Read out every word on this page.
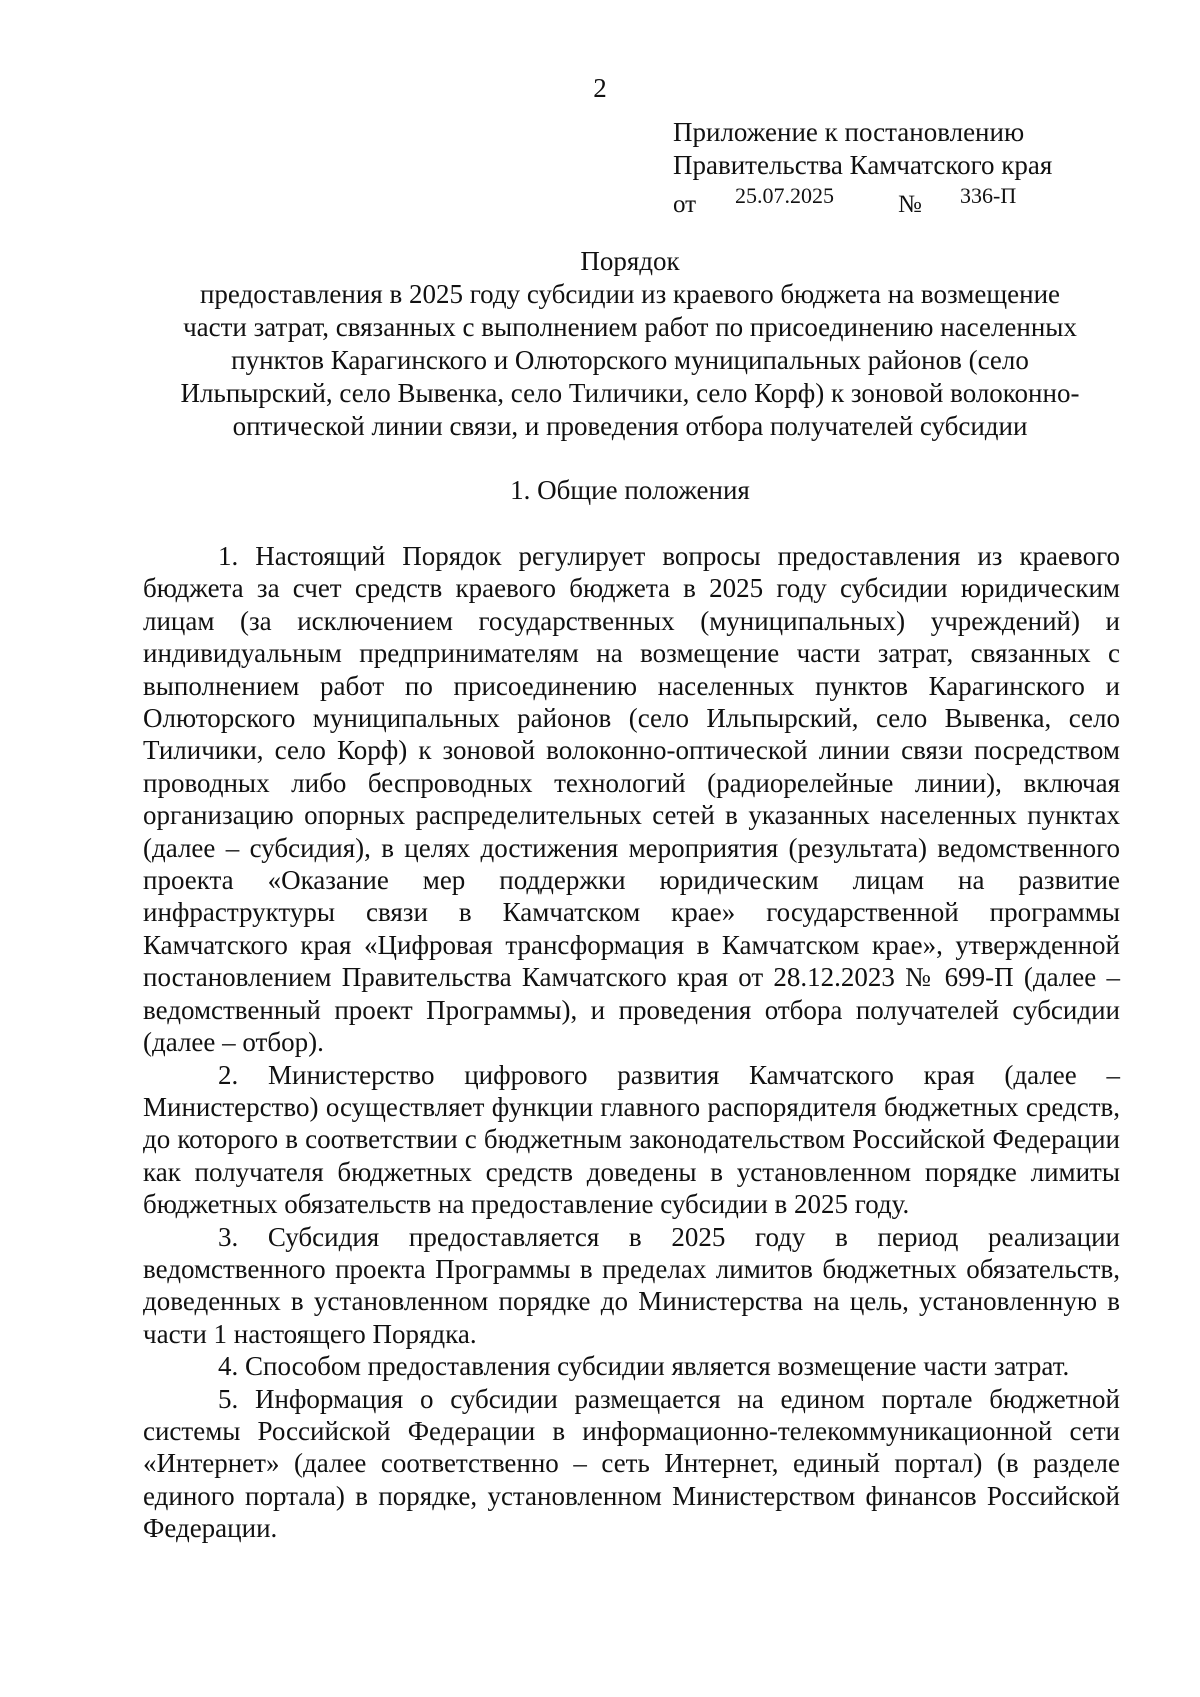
2
Приложение к постановлению
Правительства Камчатского края
от 25.07.2025	№ 336-П
Порядок
предоставления в 2025 году субсидии из краевого бюджета на возмещение
части затрат, связанных с выполнением работ по присоединению населенных
пунктов Карагинского и Олюторского муниципальных районов (село
Ильпырский, село Вывенка, село Тиличики, село Корф) к зоновой волоконно-
оптической линии связи, и проведения отбора получателей субсидии
1. Общие положения

1. Настоящий Порядок регулирует вопросы предоставления из краевого бюджета за счет средств краевого бюджета в 2025 году субсидии юридическим лицам (за исключением государственных (муниципальных) учреждений) и индивидуальным предпринимателям на возмещение части затрат, связанных с выполнением работ по присоединению населенных пунктов Карагинского и Олюторского муниципальных районов (село Ильпырский, село Вывенка, село Тиличики, село Корф) к зоновой волоконно-оптической линии связи посредством проводных либо беспроводных технологий (радиорелейные линии), включая организацию опорных распределительных сетей в указанных населенных пунктах (далее – субсидия), в целях достижения мероприятия (результата) ведомственного проекта «Оказание мер поддержки юридическим лицам на развитие инфраструктуры связи в Камчатском крае» государственной программы Камчатского края «Цифровая трансформация в Камчатском крае», утвержденной постановлением Правительства Камчатского края от 28.12.2023 № 699-П (далее – ведомственный проект Программы), и проведения отбора получателей субсидии (далее – отбор).

2. Министерство цифрового развития Камчатского края (далее – Министерство) осуществляет функции главного распорядителя бюджетных средств, до которого в соответствии с бюджетным законодательством Российской Федерации как получателя бюджетных средств доведены в установленном порядке лимиты бюджетных обязательств на предоставление субсидии в 2025 году.

3. Субсидия предоставляется в 2025 году в период реализации ведомственного проекта Программы в пределах лимитов бюджетных обязательств, доведенных в установленном порядке до Министерства на цель, установленную в части 1 настоящего Порядка.

4. Способом предоставления субсидии является возмещение части затрат.

5. Информация о субсидии размещается на едином портале бюджетной системы Российской Федерации в информационно-телекоммуникационной сети «Интернет» (далее соответственно – сеть Интернет, единый портал) (в разделе единого портала) в порядке, установленном Министерством финансов Российской Федерации.
